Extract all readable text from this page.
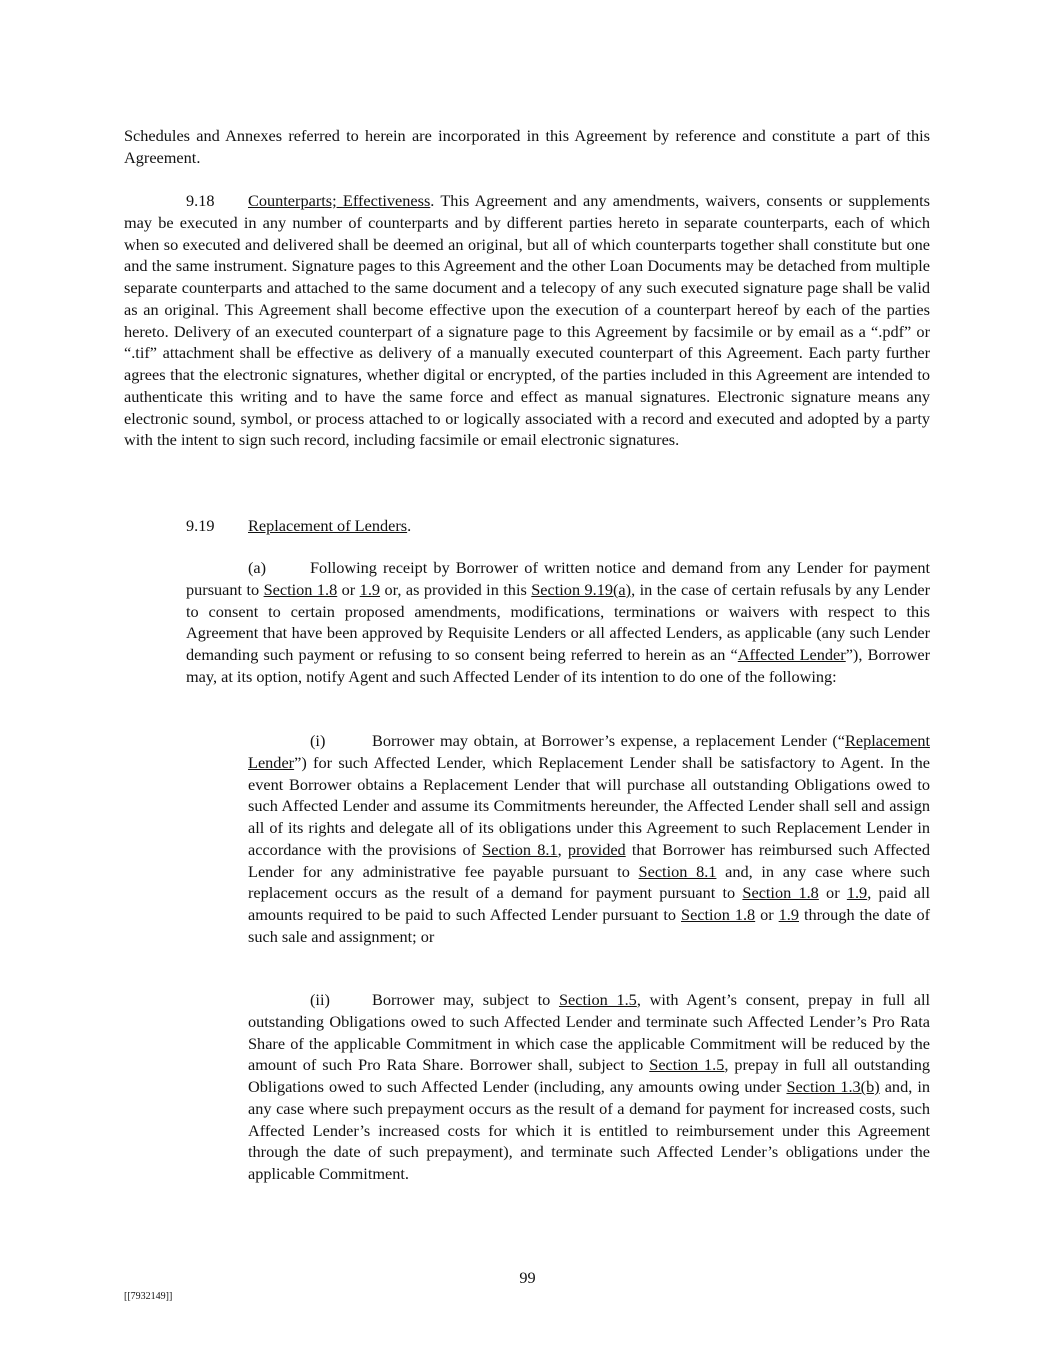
Schedules and Annexes referred to herein are incorporated in this Agreement by reference and constitute a part of this Agreement.
9.18 Counterparts; Effectiveness. This Agreement and any amendments, waivers, consents or supplements may be executed in any number of counterparts and by different parties hereto in separate counterparts, each of which when so executed and delivered shall be deemed an original, but all of which counterparts together shall constitute but one and the same instrument. Signature pages to this Agreement and the other Loan Documents may be detached from multiple separate counterparts and attached to the same document and a telecopy of any such executed signature page shall be valid as an original. This Agreement shall become effective upon the execution of a counterpart hereof by each of the parties hereto. Delivery of an executed counterpart of a signature page to this Agreement by facsimile or by email as a “.pdf” or “.tif” attachment shall be effective as delivery of a manually executed counterpart of this Agreement. Each party further agrees that the electronic signatures, whether digital or encrypted, of the parties included in this Agreement are intended to authenticate this writing and to have the same force and effect as manual signatures. Electronic signature means any electronic sound, symbol, or process attached to or logically associated with a record and executed and adopted by a party with the intent to sign such record, including facsimile or email electronic signatures.
9.19 Replacement of Lenders.
(a)	Following receipt by Borrower of written notice and demand from any Lender for payment pursuant to Section 1.8 or 1.9 or, as provided in this Section 9.19(a), in the case of certain refusals by any Lender to consent to certain proposed amendments, modifications, terminations or waivers with respect to this Agreement that have been approved by Requisite Lenders or all affected Lenders, as applicable (any such Lender demanding such payment or refusing to so consent being referred to herein as an “Affected Lender”), Borrower may, at its option, notify Agent and such Affected Lender of its intention to do one of the following:
(i)	Borrower may obtain, at Borrower’s expense, a replacement Lender (“Replacement Lender”) for such Affected Lender, which Replacement Lender shall be satisfactory to Agent. In the event Borrower obtains a Replacement Lender that will purchase all outstanding Obligations owed to such Affected Lender and assume its Commitments hereunder, the Affected Lender shall sell and assign all of its rights and delegate all of its obligations under this Agreement to such Replacement Lender in accordance with the provisions of Section 8.1, provided that Borrower has reimbursed such Affected Lender for any administrative fee payable pursuant to Section 8.1 and, in any case where such replacement occurs as the result of a demand for payment pursuant to Section 1.8 or 1.9, paid all amounts required to be paid to such Affected Lender pursuant to Section 1.8 or 1.9 through the date of such sale and assignment; or
(ii)	Borrower may, subject to Section 1.5, with Agent’s consent, prepay in full all outstanding Obligations owed to such Affected Lender and terminate such Affected Lender’s Pro Rata Share of the applicable Commitment in which case the applicable Commitment will be reduced by the amount of such Pro Rata Share. Borrower shall, subject to Section 1.5, prepay in full all outstanding Obligations owed to such Affected Lender (including, any amounts owing under Section 1.3(b) and, in any case where such prepayment occurs as the result of a demand for payment for increased costs, such Affected Lender’s increased costs for which it is entitled to reimbursement under this Agreement through the date of such prepayment), and terminate such Affected Lender’s obligations under the applicable Commitment.
99
[[7932149]]
